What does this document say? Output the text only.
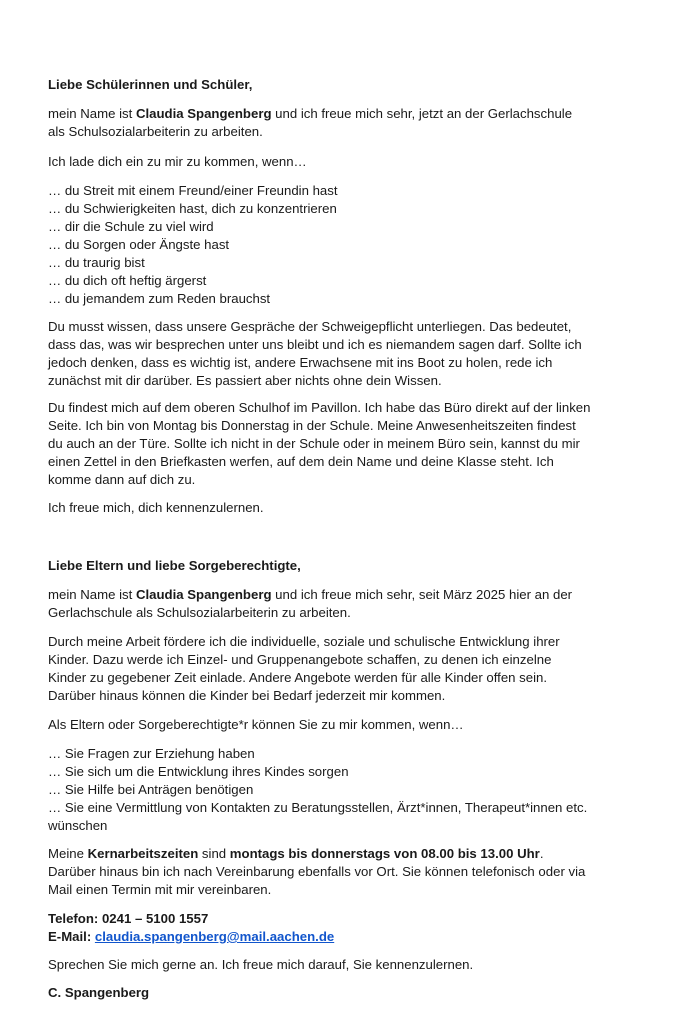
Liebe Schülerinnen und Schüler,

mein Name ist Claudia Spangenberg und ich freue mich sehr, jetzt an der Gerlachschule
als Schulsozialarbeiterin zu arbeiten.

Ich lade dich ein zu mir zu kommen, wenn…

… du Streit mit einem Freund/einer Freundin hast
… du Schwierigkeiten hast, dich zu konzentrieren
… dir die Schule zu viel wird
… du Sorgen oder Ängste hast
… du traurig bist
… du dich oft heftig ärgerst
… du jemandem zum Reden brauchst

Du musst wissen, dass unsere Gespräche der Schweigepflicht unterliegen. Das bedeutet,
dass das, was wir besprechen unter uns bleibt und ich es niemandem sagen darf. Sollte ich
jedoch denken, dass es wichtig ist, andere Erwachsene mit ins Boot zu holen, rede ich
zunächst mit dir darüber. Es passiert aber nichts ohne dein Wissen.

Du findest mich auf dem oberen Schulhof im Pavillon. Ich habe das Büro direkt auf der linken
Seite. Ich bin von Montag bis Donnerstag in der Schule. Meine Anwesenheitszeiten findest
du auch an der Türe. Sollte ich nicht in der Schule oder in meinem Büro sein, kannst du mir
einen Zettel in den Briefkasten werfen, auf dem dein Name und deine Klasse steht. Ich
komme dann auf dich zu.

Ich freue mich, dich kennenzulernen.

Liebe Eltern und liebe Sorgeberechtigte,

mein Name ist Claudia Spangenberg und ich freue mich sehr, seit März 2025 hier an der
Gerlachschule als Schulsozialarbeiterin zu arbeiten.

Durch meine Arbeit fördere ich die individuelle, soziale und schulische Entwicklung ihrer
Kinder. Dazu werde ich Einzel- und Gruppenangebote schaffen, zu denen ich einzelne
Kinder zu gegebener Zeit einlade. Andere Angebote werden für alle Kinder offen sein.
Darüber hinaus können die Kinder bei Bedarf jederzeit mir kommen.

Als Eltern oder Sorgeberechtigte*r können Sie zu mir kommen, wenn…

… Sie Fragen zur Erziehung haben
… Sie sich um die Entwicklung ihres Kindes sorgen
… Sie Hilfe bei Anträgen benötigen
… Sie eine Vermittlung von Kontakten zu Beratungsstellen, Ärzt*innen, Therapeut*innen etc.
wünschen

Meine Kernarbeitszeiten sind montags bis donnerstags von 08.00 bis 13.00 Uhr.
Darüber hinaus bin ich nach Vereinbarung ebenfalls vor Ort. Sie können telefonisch oder via
Mail einen Termin mit mir vereinbaren.

Telefon: 0241 – 5100 1557
E-Mail: claudia.spangenberg@mail.aachen.de

Sprechen Sie mich gerne an. Ich freue mich darauf, Sie kennenzulernen.

C. Spangenberg
